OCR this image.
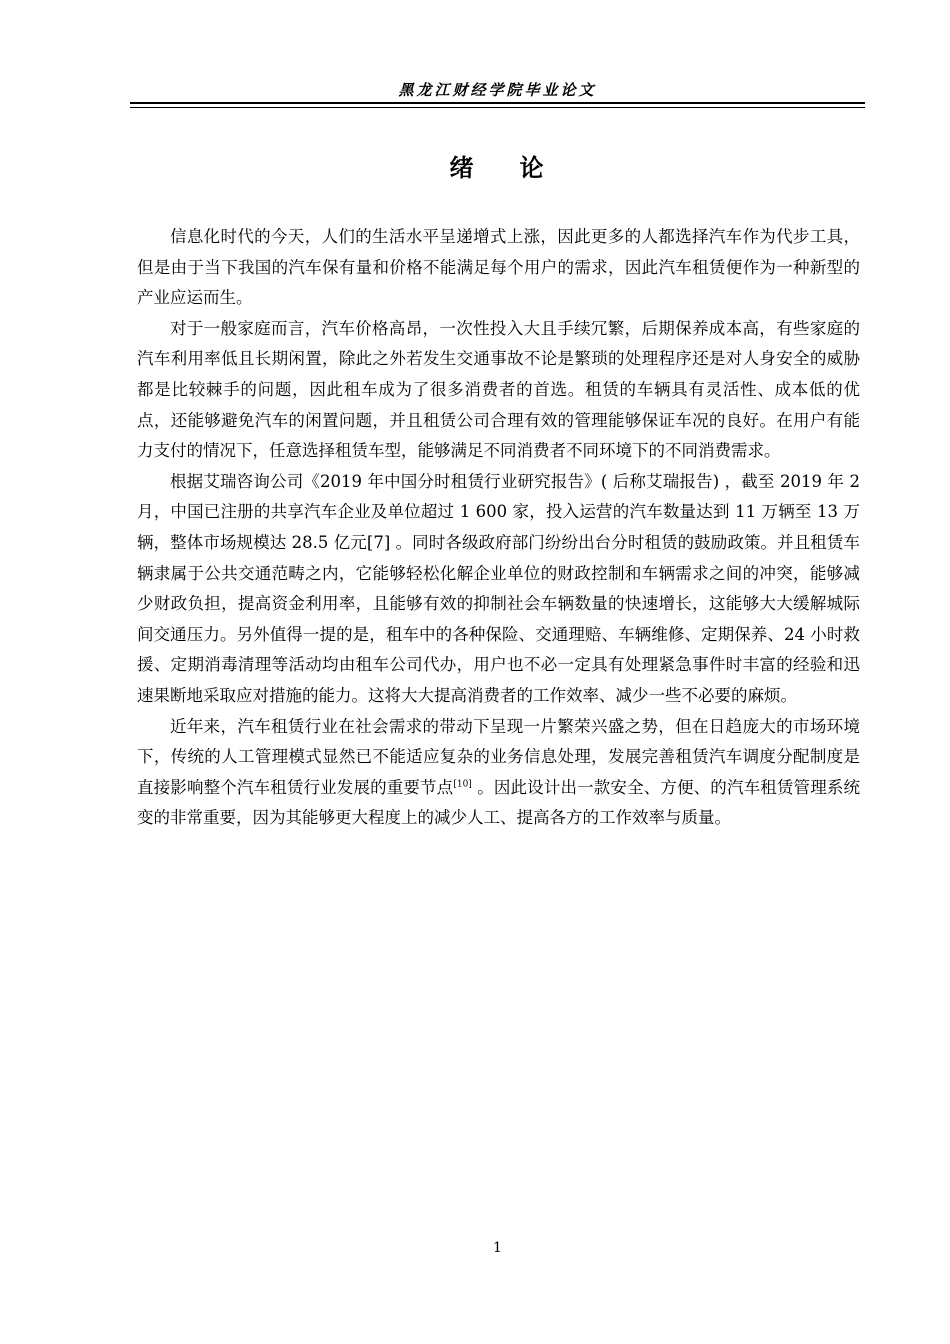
黑龙江财经学院毕业论文
绪 论

信息化时代的今天，人们的生活水平呈递增式上涨，因此更多的人都选择汽车作为代步工具，但是由于当下我国的汽车保有量和价格不能满足每个用户的需求，因此汽车租赁便作为一种新型的产业应运而生。

对于一般家庭而言，汽车价格高昂，一次性投入大且手续冗繁，后期保养成本高，有些家庭的汽车利用率低且长期闲置，除此之外若发生交通事故不论是繁琐的处理程序还是对人身安全的威胁都是比较棘手的问题，因此租车成为了很多消费者的首选。租赁的车辆具有灵活性、成本低的优点，还能够避免汽车的闲置问题，并且租赁公司合理有效的管理能够保证车况的良好。在用户有能力支付的情况下，任意选择租赁车型，能够满足不同消费者不同环境下的不同消费需求。

根据艾瑞咨询公司《2019 年中国分时租赁行业研究报告》( 后称艾瑞报告) ，截至 2019 年 2 月，中国已注册的共享汽车企业及单位超过 1 600 家，投入运营的汽车数量达到 11 万辆至 13 万辆，整体市场规模达 28.5 亿元[7] 。同时各级政府部门纷纷出台分时租赁的鼓励政策。并且租赁车辆隶属于公共交通范畴之内，它能够轻松化解企业单位的财政控制和车辆需求之间的冲突，能够减少财政负担，提高资金利用率，且能够有效的抑制社会车辆数量的快速增长，这能够大大缓解城际间交通压力。另外值得一提的是，租车中的各种保险、交通理赔、车辆维修、定期保养、24 小时救援、定期消毒清理等活动均由租车公司代办，用户也不必一定具有处理紧急事件时丰富的经验和迅速果断地采取应对措施的能力。这将大大提高消费者的工作效率、减少一些不必要的麻烦。

近年来，汽车租赁行业在社会需求的带动下呈现一片繁荣兴盛之势，但在日趋庞大的市场环境下，传统的人工管理模式显然已不能适应复杂的业务信息处理，发展完善租赁汽车调度分配制度是直接影响整个汽车租赁行业发展的重要节点[10] 。因此设计出一款安全、方便、的汽车租赁管理系统变的非常重要，因为其能够更大程度上的减少人工、提高各方的工作效率与质量。

1
